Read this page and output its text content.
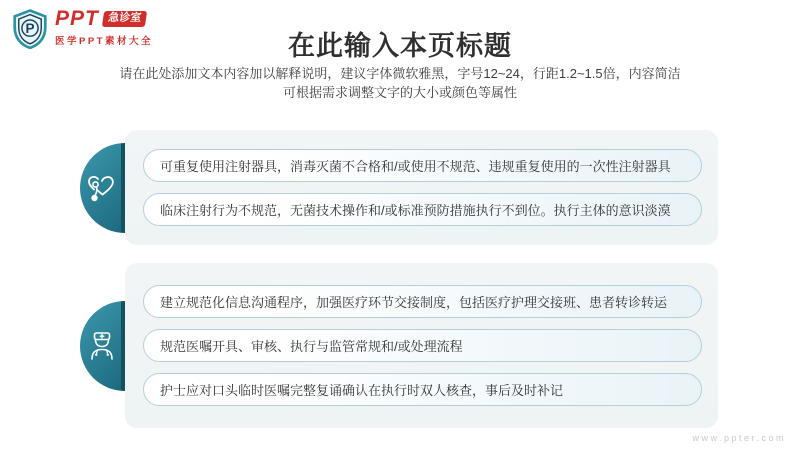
P PPT 急诊室
医学PPT素材大全	在此输入本页标题
请在此处添加文本内容加以解释说明，建议字体微软雅黑，字号12~24，行距1.2~1.5倍，内容简洁
可根据需求调整文字的大小或颜色等属性
可重复使用注射器具，消毒灭菌不合格和/或使用不规范、违规重复使用的一次性注射器具
临床注射行为不规范，无菌技术操作和/或标准预防措施执行不到位。执行主体的意识淡漠
建立规范化信息沟通程序，加强医疗环节交接制度，包括医疗护理交接班、患者转诊转运
规范医嘱开具、审核、执行与监管常规和/或处理流程
护士应对口头临时医嘱完整复诵确认在执行时双人核查，事后及时补记
www.ppter.com
